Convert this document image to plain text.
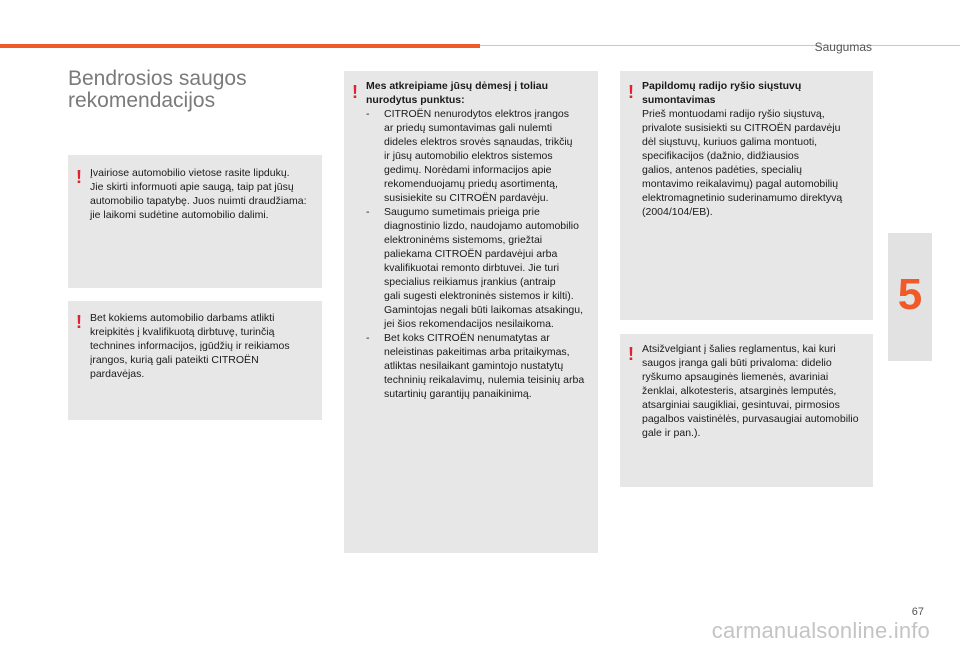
Saugumas
5
Bendrosios saugos
rekomendacijos
! Įvairiose automobilio vietose rasite lipdukų.
Jie skirti informuoti apie saugą, taip pat jūsų
automobilio tapatybę. Juos nuimti draudžiama:
jie laikomi sudėtine automobilio dalimi.
! Bet kokiems automobilio darbams atlikti
kreipkitės į kvalifikuotą dirbtuvę, turinčią
technines informacijos, įgūdžių ir reikiamos
įrangos, kurią gali pateikti CITROËN
pardavėjas.
! Mes atkreipiame jūsų dėmesį į toliau
nurodytus punktus:
- CITROËN nenurodytos elektros įrangos
ar priedų sumontavimas gali nulemti
dideles elektros srovės sąnaudas, trikčių
ir jūsų automobilio elektros sistemos
gedimų. Norėdami informacijos apie
rekomenduojamų priedų asortimentą,
susisiekite su CITROËN pardavėju.
- Saugumo sumetimais prieiga prie
diagnostinio lizdo, naudojamo automobilio
elektroninėms sistemoms, griežtai
paliekama CITROËN pardavėjui arba
kvalifikuotai remonto dirbtuvei. Jie turi
specialius reikiamus įrankius (antraip
gali sugesti elektroninės sistemos ir kilti).
Gamintojas negali būti laikomas atsakingu,
jei šios rekomendacijos nesilaikoma.
- Bet koks CITROËN nenumatytas ar
neleistinas pakeitimas arba pritaikymas,
atliktas nesilaikant gamintojo nustatytų
techninių reikalavimų, nulemia teisinių arba
sutartinių garantijų panaikinimą.
! Papildomų radijo ryšio siųstuvų
sumontavimas
Prieš montuodami radijo ryšio siųstuvą,
privalote susisiekti su CITROËN pardavėju
dėl siųstuvų, kuriuos galima montuoti,
specifikacijos (dažnio, didžiausios
galios, antenos padėties, specialių
montavimo reikalavimų) pagal automobilių
elektromagnetinio suderinamumo direktyvą
(2004/104/EB).
! Atsižvelgiant į šalies reglamentus, kai kuri
saugos įranga gali būti privaloma: didelio
ryškumo apsauginės liemenės, avariniai
ženklai, alkotesteris, atsarginės lemputės,
atsarginiai saugikliai, gesintuvai, pirmosios
pagalbos vaistinėlės, purvasaugiai automobilio
gale ir pan.).
67
carmanualsonline.info
